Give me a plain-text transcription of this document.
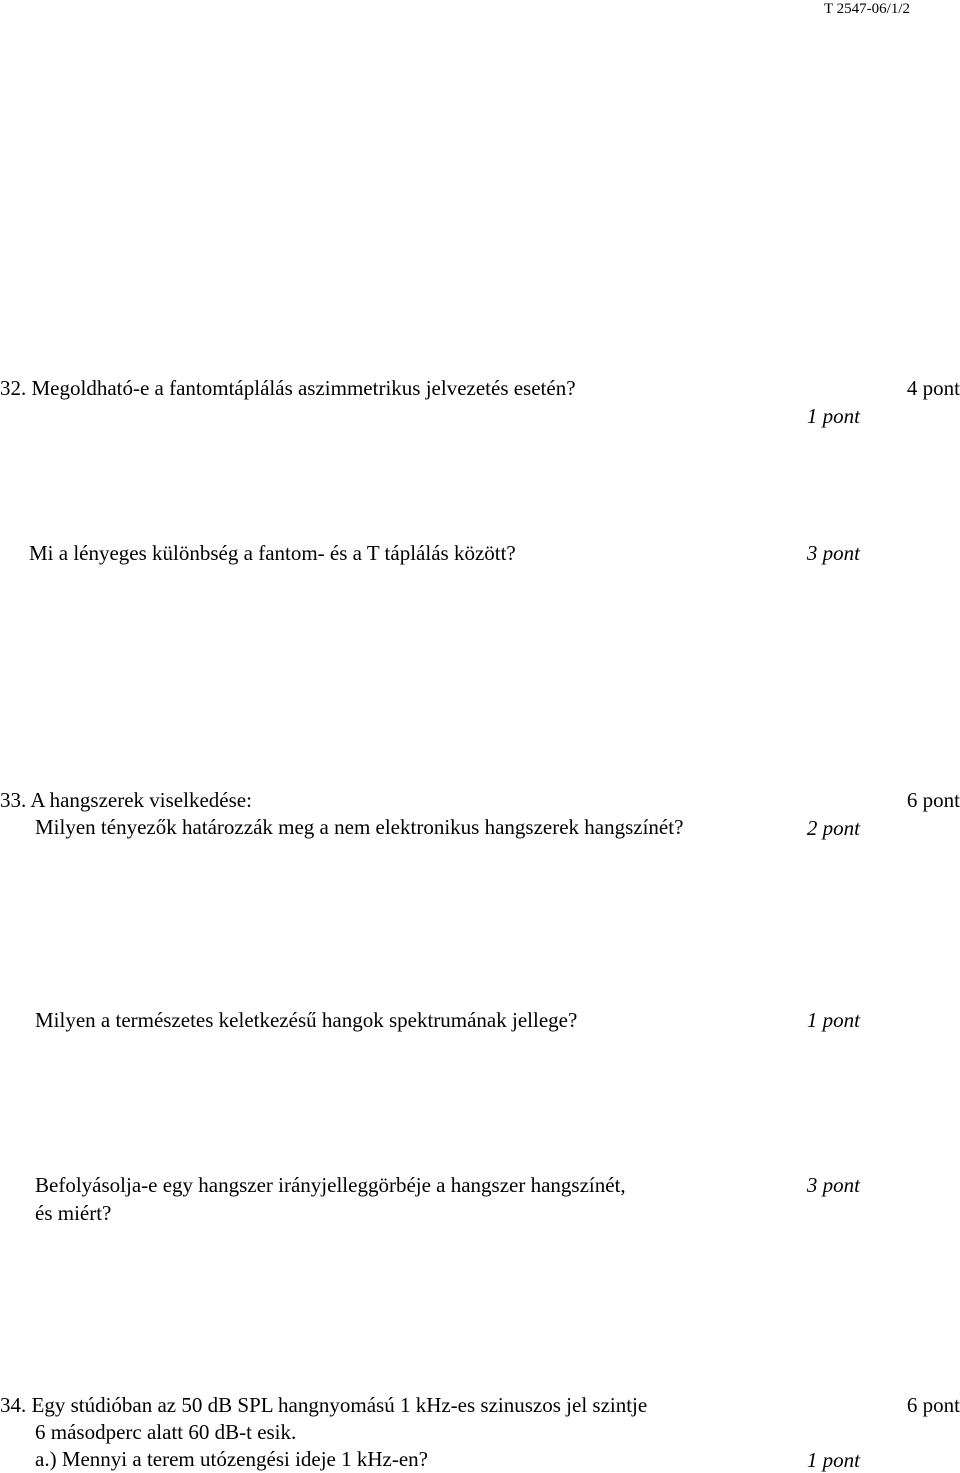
T 2547-06/1/2
32. Megoldható-e a fantomtáplálás aszimmetrikus jelvezetés esetén?	4 pont
1 pont
Mi a lényeges különbség a fantom- és a T táplálás között?	3 pont
33. A hangszerek viselkedése:	6 pont
Milyen tényezők határozzák meg a nem elektronikus hangszerek hangszínét?	2 pont
Milyen a természetes keletkezésű hangok spektrumának jellege?	1 pont
Befolyásolja-e egy hangszer irányjelleggörbéje a hangszer hangszínét,
és miért?
3 pont
34. Egy stúdióban az 50 dB SPL hangnyomású 1 kHz-es szinuszos jel szintje	6 pont
6 másodperc alatt 60 dB-t esik.
a.) Mennyi a terem utózengési ideje 1 kHz-en?	1 pont
